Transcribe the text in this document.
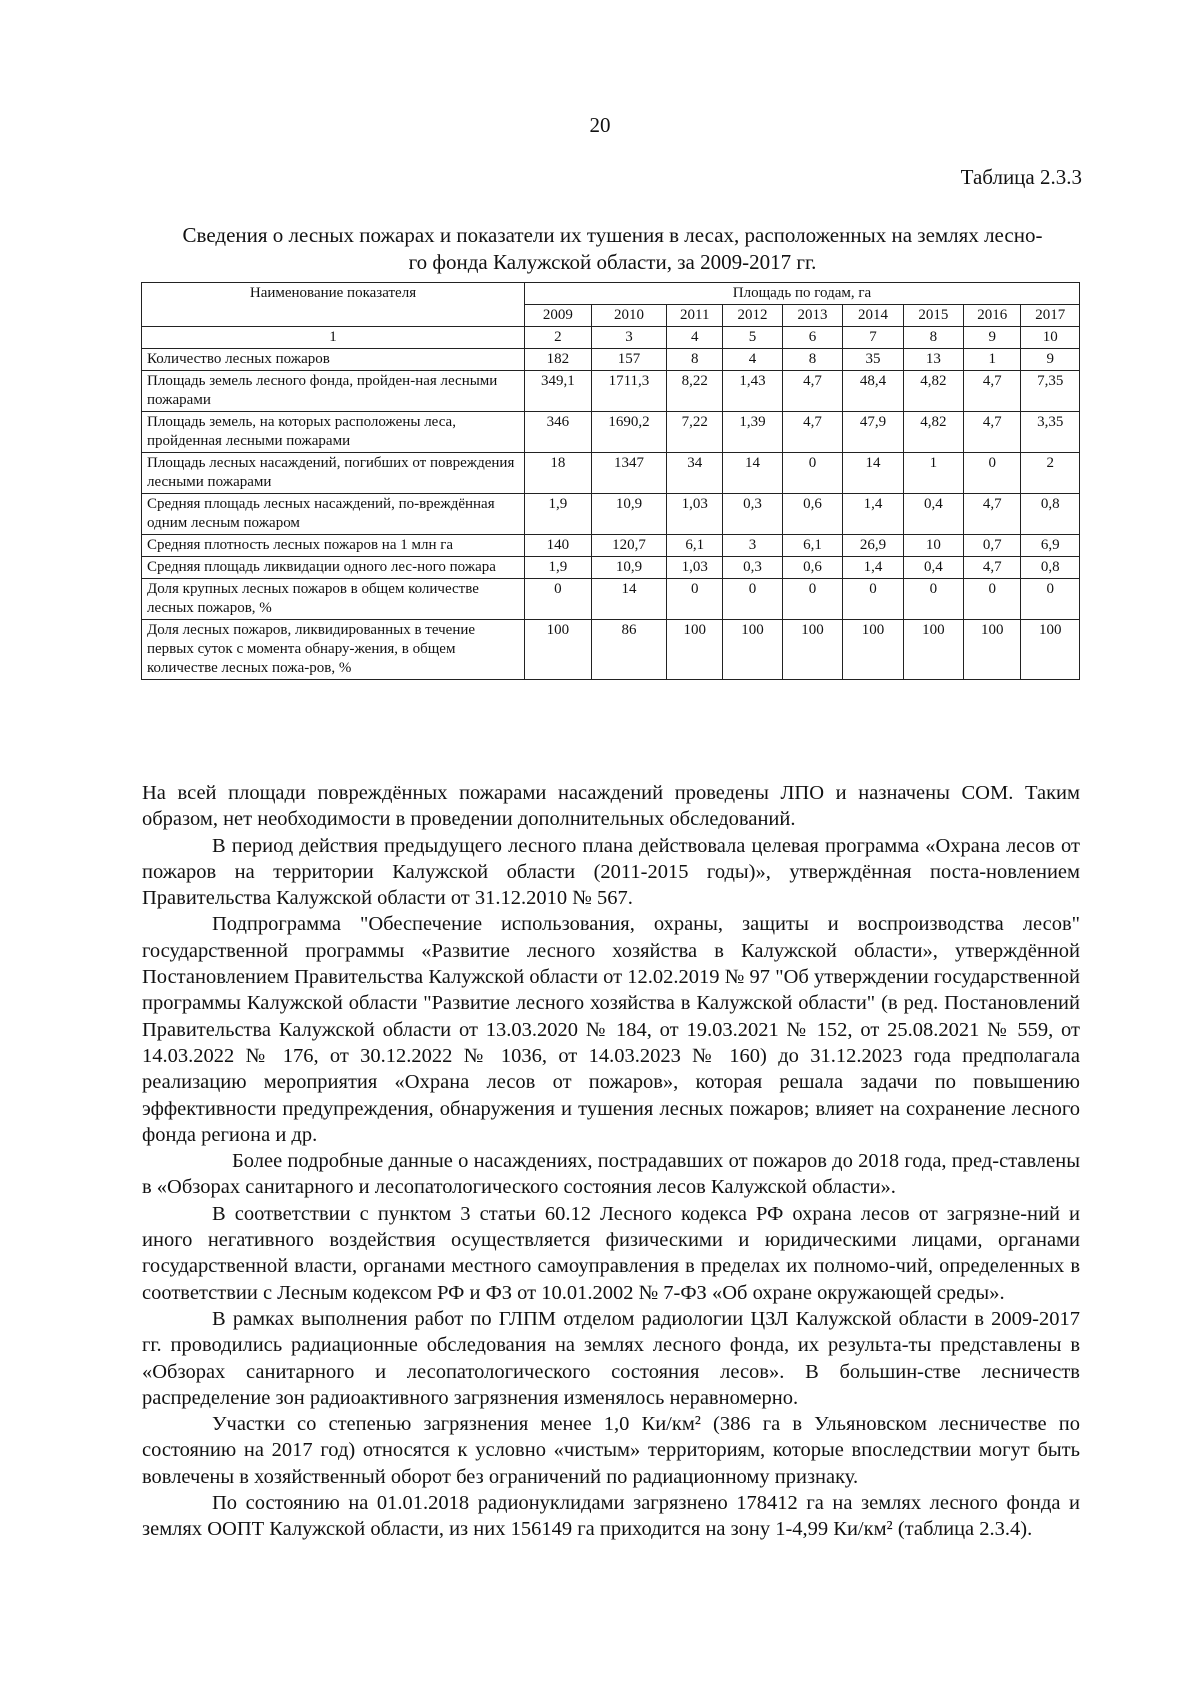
20
Таблица 2.3.3
Сведения о лесных пожарах и показатели их тушения в лесах, расположенных на землях лесно-
го фонда Калужской области, за 2009-2017 гг.
Наименование показателя	Площадь по годам, га								
	2009	2010	2011	2012	2013	2014	2015	2016	2017
1	2	3	4	5	6	7	8	9	10
Количество лесных пожаров	182	157	8	4	8	35	13	1	9
Площадь земель лесного фонда, пройден-ная лесными пожарами	349,1	1711,3	8,22	1,43	4,7	48,4	4,82	4,7	7,35
Площадь земель, на которых расположены леса, пройденная лесными пожарами	346	1690,2	7,22	1,39	4,7	47,9	4,82	4,7	3,35
Площадь лесных насаждений, погибших от повреждения лесными пожарами	18	1347	34	14	0	14	1	0	2
Средняя площадь лесных насаждений, по-вреждённая одним лесным пожаром	1,9	10,9	1,03	0,3	0,6	1,4	0,4	4,7	0,8
Средняя плотность лесных пожаров на 1 млн га	140	120,7	6,1	3	6,1	26,9	10	0,7	6,9
Средняя площадь ликвидации одного лес-ного пожара	1,9	10,9	1,03	0,3	0,6	1,4	0,4	4,7	0,8
Доля крупных лесных пожаров в общем количестве лесных пожаров, %	0	14	0	0	0	0	0	0	0
Доля лесных пожаров, ликвидированных в течение первых суток с момента обнару-жения, в общем количестве лесных пожа-ров, %	100	86	100	100	100	100	100	100	100

На всей площади повреждённых пожарами насаждений проведены ЛПО и назначены СОМ. Таким образом, нет необходимости в проведении дополнительных обследований.

В период действия предыдущего лесного плана действовала целевая программа «Охрана лесов от пожаров на территории Калужской области (2011-2015 годы)», утверждённая поста-новлением Правительства Калужской области от 31.12.2010 № 567.

Подпрограмма "Обеспечение использования, охраны, защиты и воспроизводства лесов" государственной программы «Развитие лесного хозяйства в Калужской области», утверждённой Постановлением Правительства Калужской области от 12.02.2019 № 97 "Об утверждении государственной программы Калужской области "Развитие лесного хозяйства в Калужской области" (в ред. Постановлений Правительства Калужской области от 13.03.2020 № 184, от 19.03.2021 № 152, от 25.08.2021 № 559, от 14.03.2022 № 176, от 30.12.2022 № 1036, от 14.03.2023 № 160) до 31.12.2023 года предполагала реализацию мероприятия «Охрана лесов от пожаров», которая решала задачи по повышению эффективности предупреждения, обнаружения и тушения лесных пожаров; влияет на сохранение лесного фонда региона и др.

Более подробные данные о насаждениях, пострадавших от пожаров до 2018 года, пред-ставлены в «Обзорах санитарного и лесопатологического состояния лесов Калужской области».

В соответствии с пунктом 3 статьи 60.12 Лесного кодекса РФ охрана лесов от загрязне-ний и иного негативного воздействия осуществляется физическими и юридическими лицами, органами государственной власти, органами местного самоуправления в пределах их полномо-чий, определенных в соответствии с Лесным кодексом РФ и ФЗ от 10.01.2002 № 7-ФЗ «Об охране окружающей среды».

В рамках выполнения работ по ГЛПМ отделом радиологии ЦЗЛ Калужской области в 2009-2017 гг. проводились радиационные обследования на землях лесного фонда, их результа-ты представлены в «Обзорах санитарного и лесопатологического состояния лесов». В большин-стве лесничеств распределение зон радиоактивного загрязнения изменялось неравномерно.

Участки со степенью загрязнения менее 1,0 Ки/км² (386 га в Ульяновском лесничестве по состоянию на 2017 год) относятся к условно «чистым» территориям, которые впоследствии могут быть вовлечены в хозяйственный оборот без ограничений по радиационному признаку.

По состоянию на 01.01.2018 радионуклидами загрязнено 178412 га на землях лесного фонда и землях ООПТ Калужской области, из них 156149 га приходится на зону 1-4,99 Ки/км² (таблица 2.3.4).
